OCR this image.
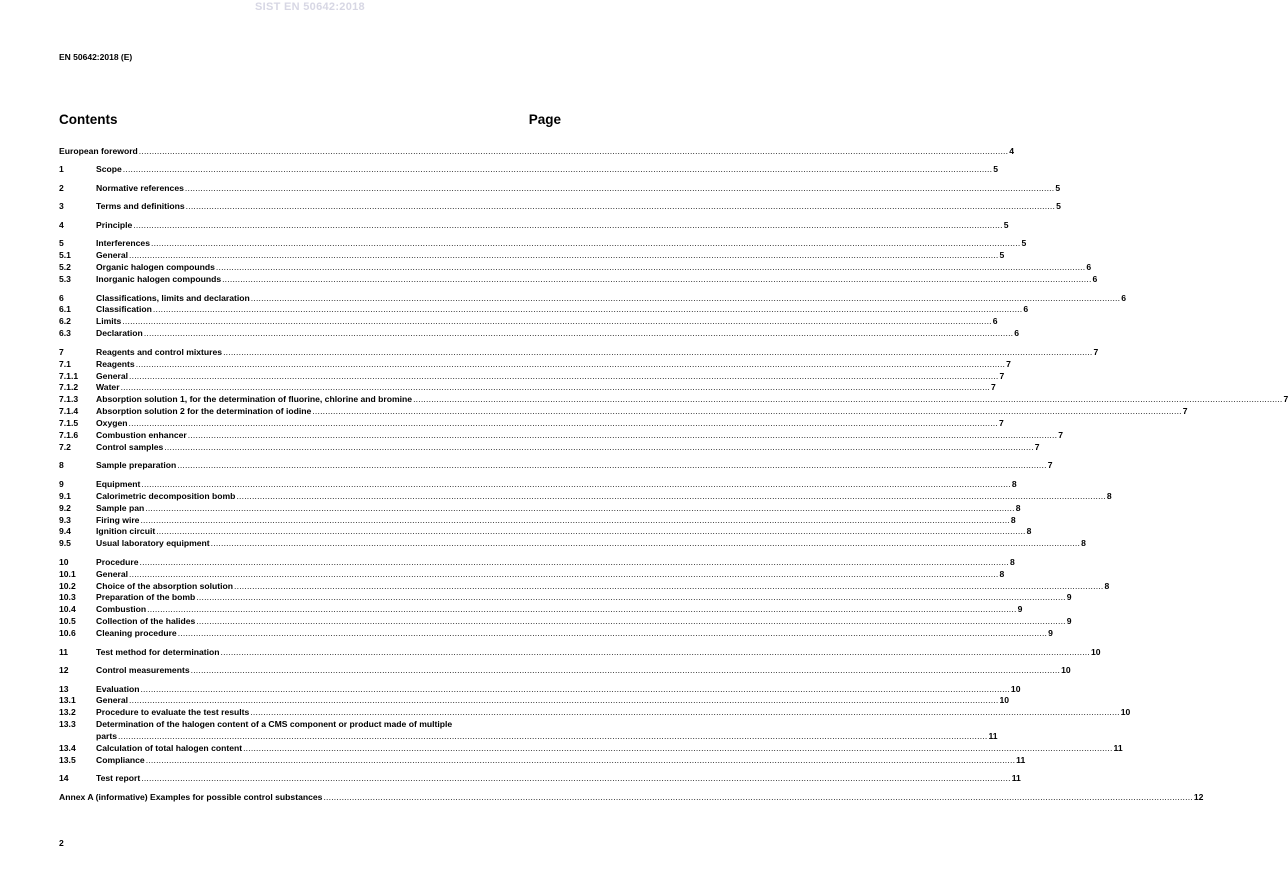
SIST EN 50642:2018
EN 50642:2018 (E)
Contents	Page
European foreword .....	4
1	Scope .....	5
2	Normative references .....	5
3	Terms and definitions .....	5
4	Principle .....	5
5	Interferences .....	5
5.1	General .....	5
5.2	Organic halogen compounds .....	6
5.3	Inorganic halogen compounds .....	6
6	Classifications, limits and declaration .....	6
6.1	Classification .....	6
6.2	Limits .....	6
6.3	Declaration .....	6
7	Reagents and control mixtures .....	7
7.1	Reagents .....	7
7.1.1	General .....	7
7.1.2	Water .....	7
7.1.3	Absorption solution 1, for the determination of fluorine, chlorine and bromine .....	7
7.1.4	Absorption solution 2 for the determination of iodine .....	7
7.1.5	Oxygen .....	7
7.1.6	Combustion enhancer .....	7
7.2	Control samples .....	7
8	Sample preparation .....	7
9	Equipment .....	8
9.1	Calorimetric decomposition bomb .....	8
9.2	Sample pan .....	8
9.3	Firing wire .....	8
9.4	Ignition circuit .....	8
9.5	Usual laboratory equipment .....	8
10	Procedure .....	8
10.1	General .....	8
10.2	Choice of the absorption solution .....	8
10.3	Preparation of the bomb .....	9
10.4	Combustion .....	9
10.5	Collection of the halides .....	9
10.6	Cleaning procedure .....	9
11	Test method for determination .....	10
12	Control measurements .....	10
13	Evaluation .....	10
13.1	General .....	10
13.2	Procedure to evaluate the test results .....	10
13.3	Determination of the halogen content of a CMS component or product made of multiple
parts .....	11
13.4	Calculation of total halogen content .....	11
13.5	Compliance .....	11
14	Test report .....	11
Annex A (informative) Examples for possible control substances .....	12
2
